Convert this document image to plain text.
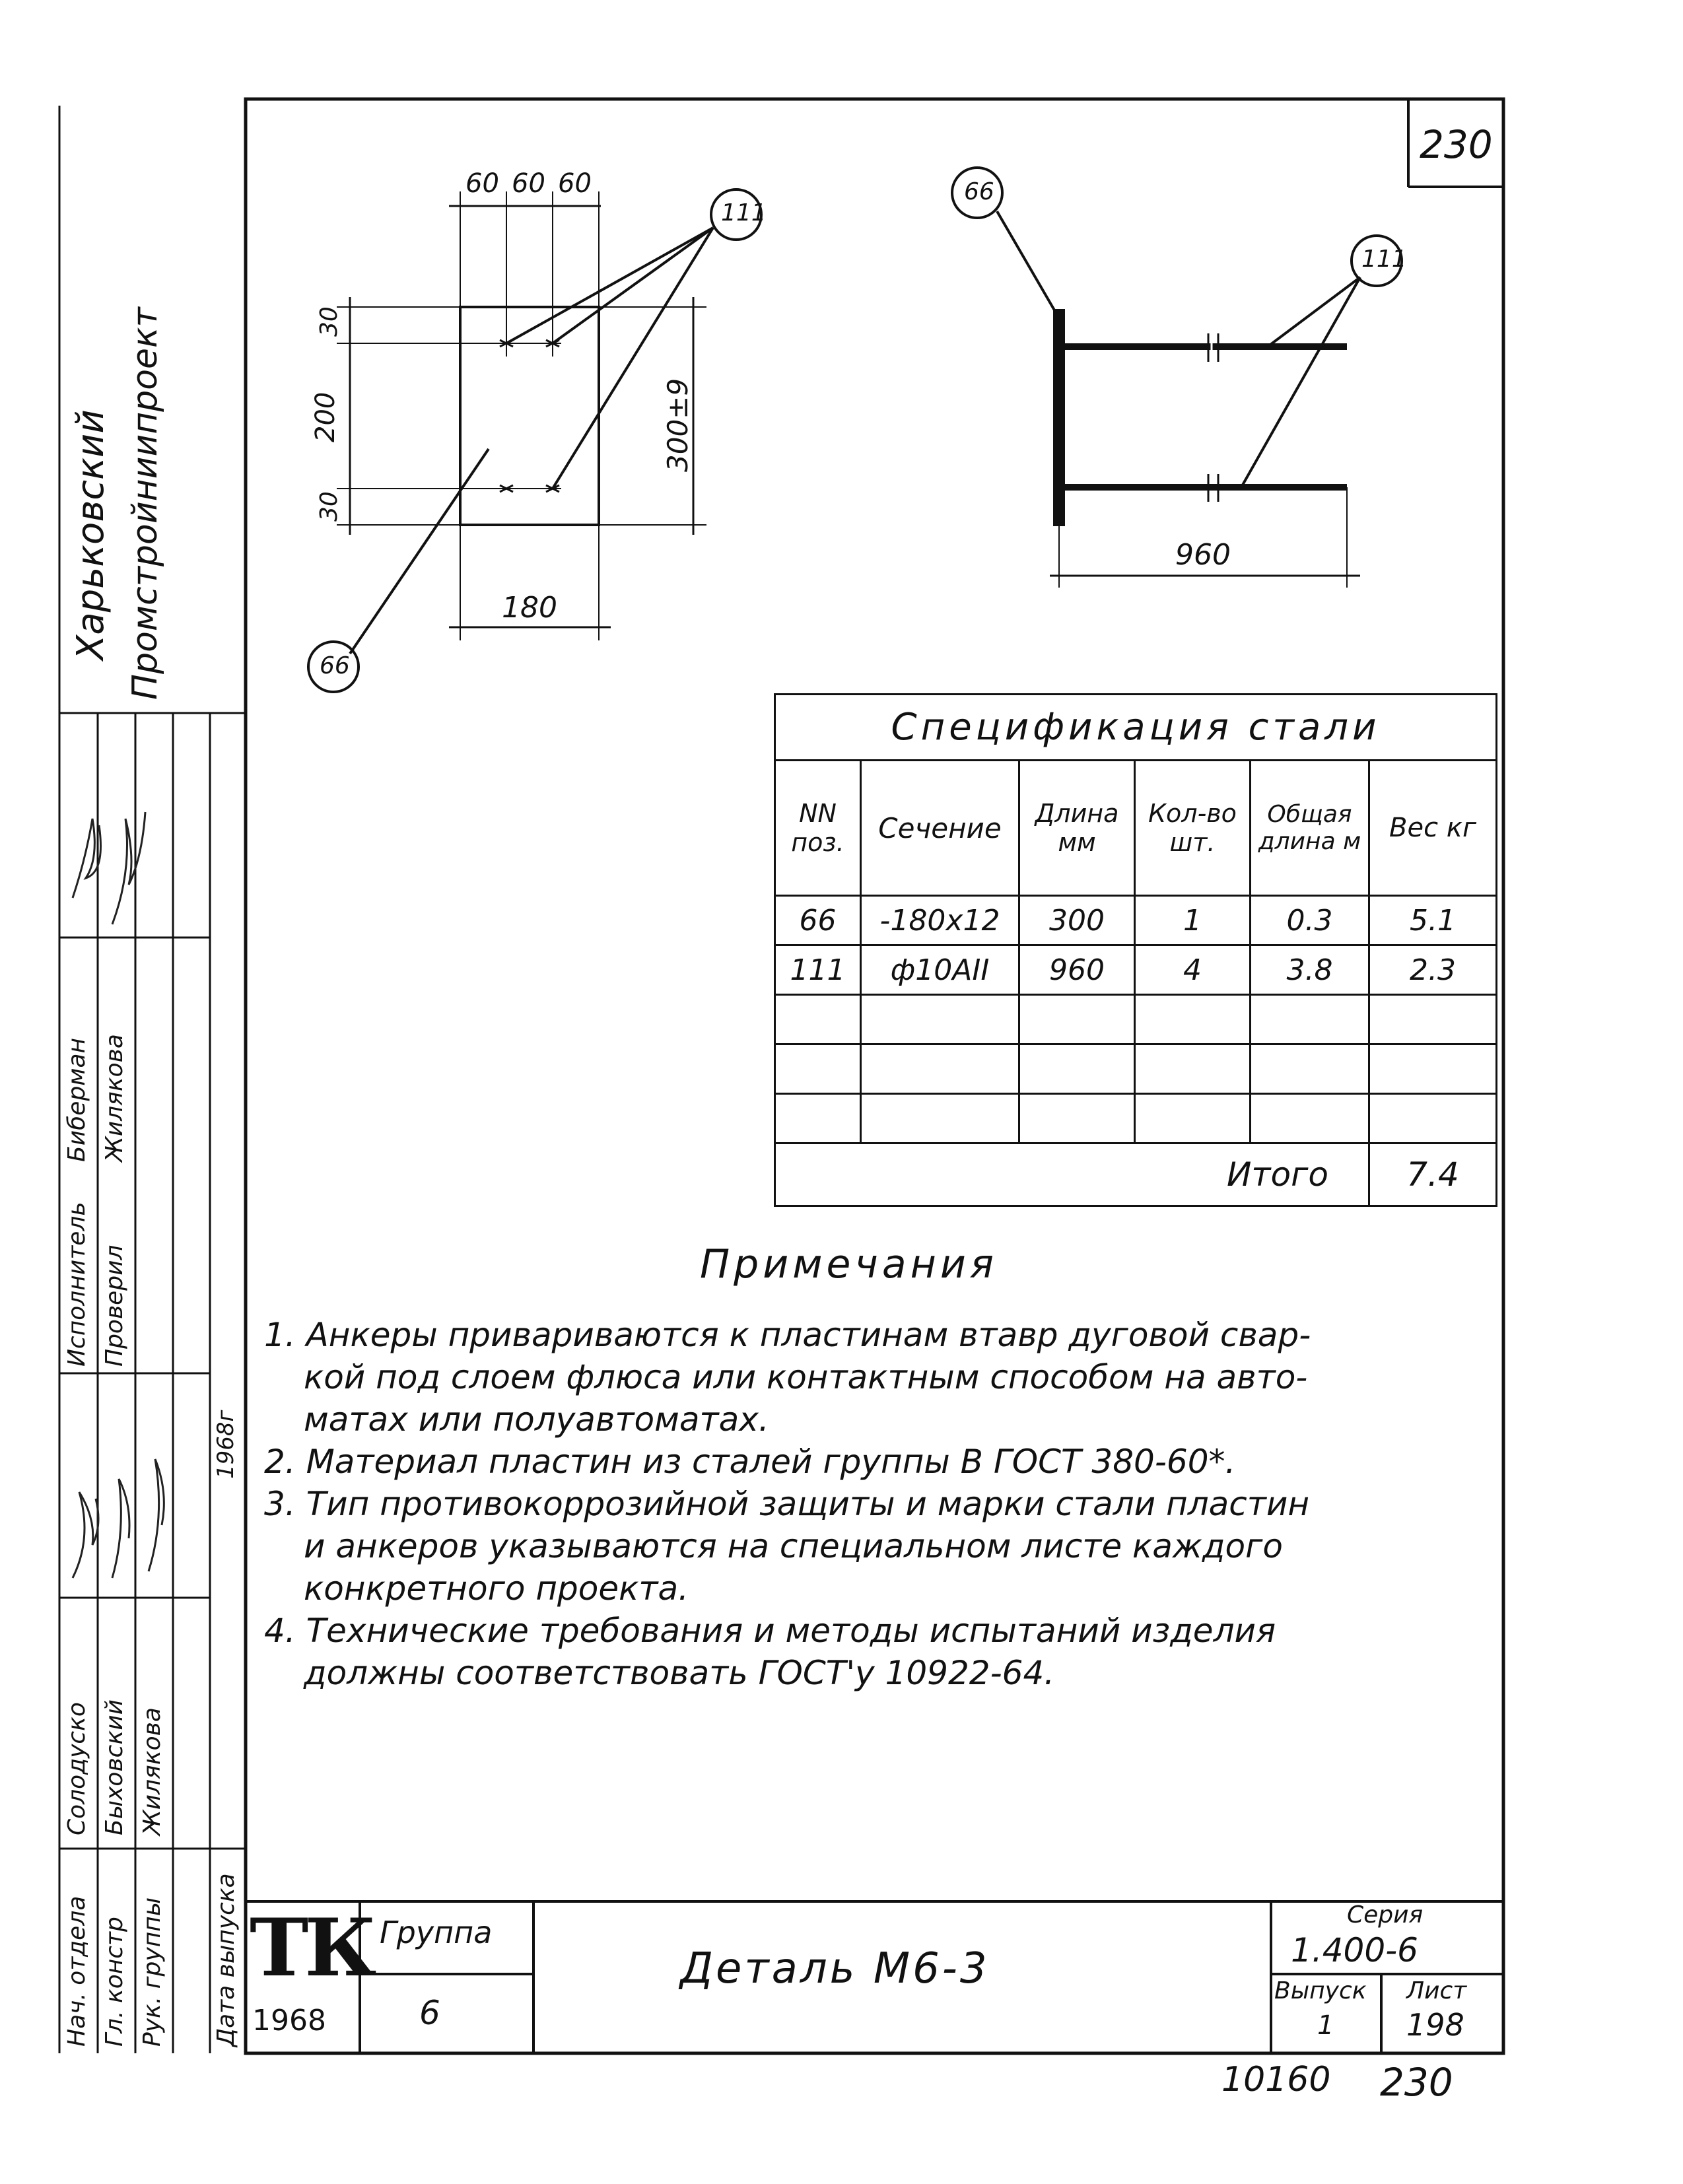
230
60 60 60
180
30
200
30
300±9
111
66
66
111
960
Спецификация стали					
NN поз.	Сечение	Длина мм	Кол-во шт.	Общая длина м	Вес кг
66	-180x12	300	1	0.3	5.1
111	ф10АII	960	4	3.8	2.3

Итого					7.4
Примечания
1. Анкеры привариваются к пластинам втавр дуговой свар-
кой под слоем флюса или контактным способом на авто-
матах или полуавтоматах.
2. Материал пластин из сталей группы В ГОСТ 380-60*.
3. Тип противокоррозийной защиты и марки стали пластин
и анкеров указываются на специальном листе каждого
конкретного проекта.
4. Технические требования и методы испытаний изделия
должны соответствовать ГОСТ'у 10922-64.
Харьковский Промстройниипроект
Нач. отдела Гл. констр Рук. группы Дата выпуска
Солодуско Быховский Жилякова
Исполнитель Проверил
Биберман Жилякова
1968г
ТК
1968
Группа
6
Деталь М6-3
Серия
1.400-6
Выпуск
1
Лист
198
10160 230
